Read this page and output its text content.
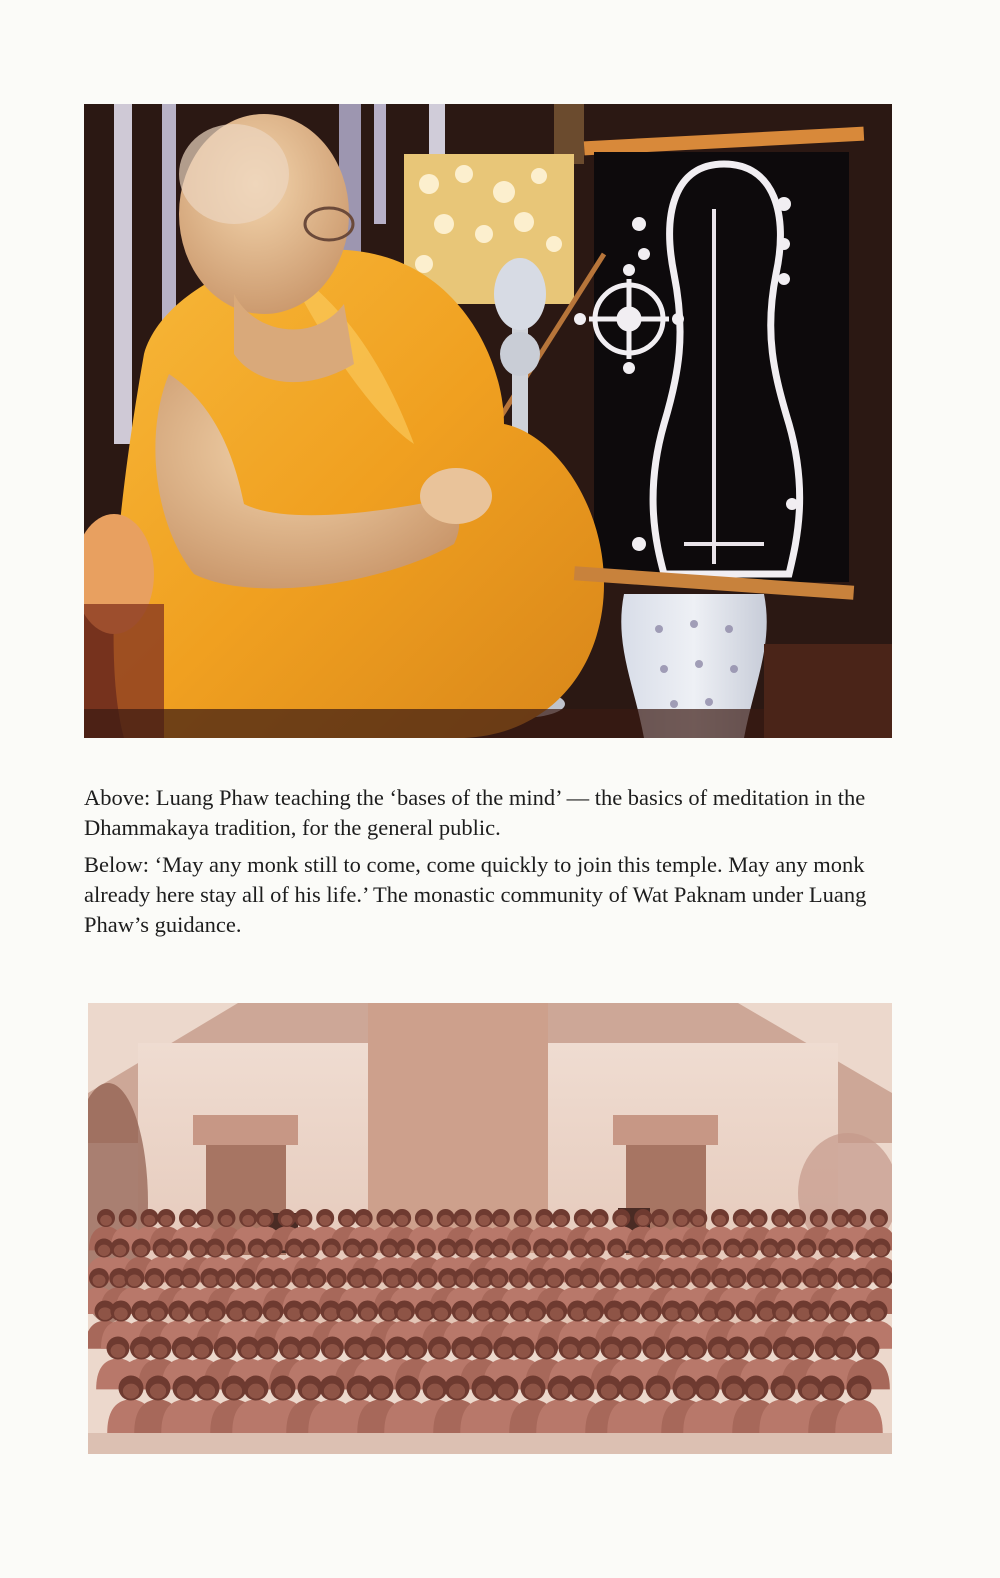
Above: Luang Phaw teaching the ‘bases of the mind’ — the basics of meditation in the Dhammakaya tradition, for the general public.

Below: ‘May any monk still to come, come quickly to join this temple. May any monk already here stay all of his life.’ The monastic community of Wat Paknam under Luang Phaw’s guidance.
